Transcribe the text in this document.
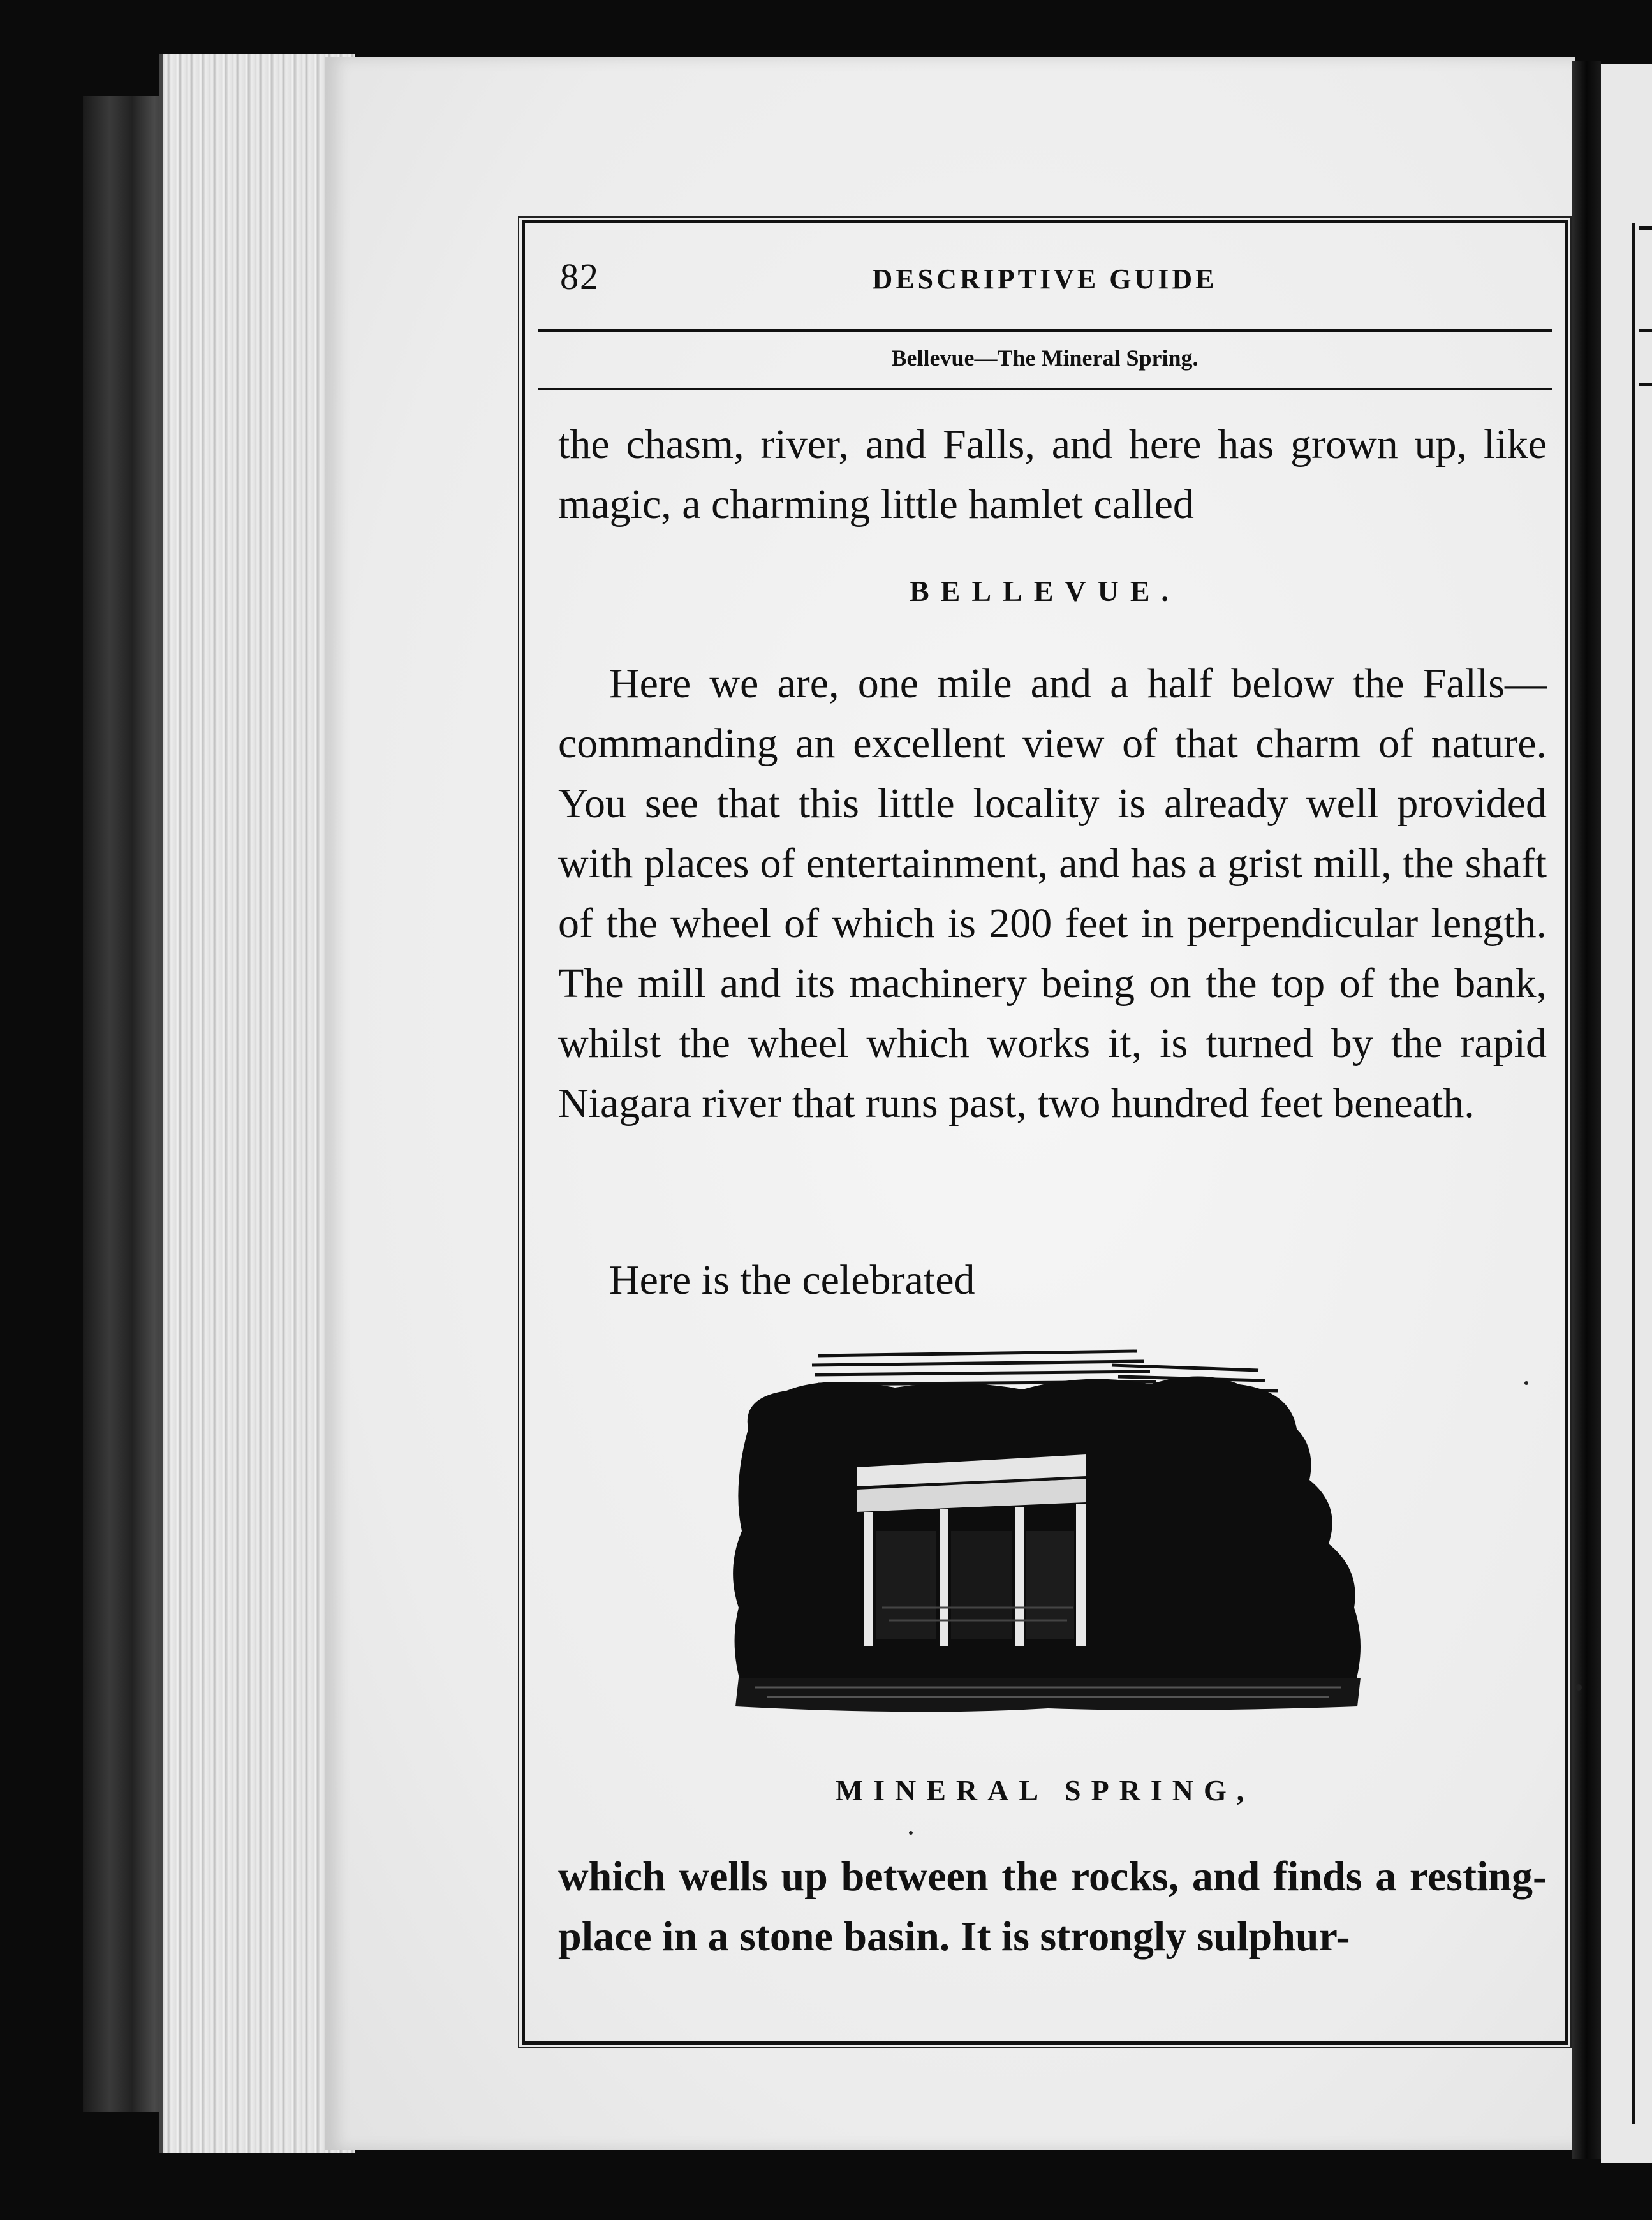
82	DESCRIPTIVE GUIDE
Bellevue—The Mineral Spring.
the chasm, river, and Falls, and here has grown up, like magic, a charming little hamlet called
BELLEVUE.
Here we are, one mile and a half below the Falls—commanding an excellent view of that charm of nature. You see that this little locality is already well provided with places of entertainment, and has a grist mill, the shaft of the wheel of which is 200 feet in perpendicular length. The mill and its machinery being on the top of the bank, whilst the wheel which works it, is turned by the rapid Niagara river that runs past, two hundred feet beneath.
Here is the celebrated
MINERAL SPRING,
which wells up between the rocks, and finds a resting-place in a stone basin. It is strongly sulphur-
